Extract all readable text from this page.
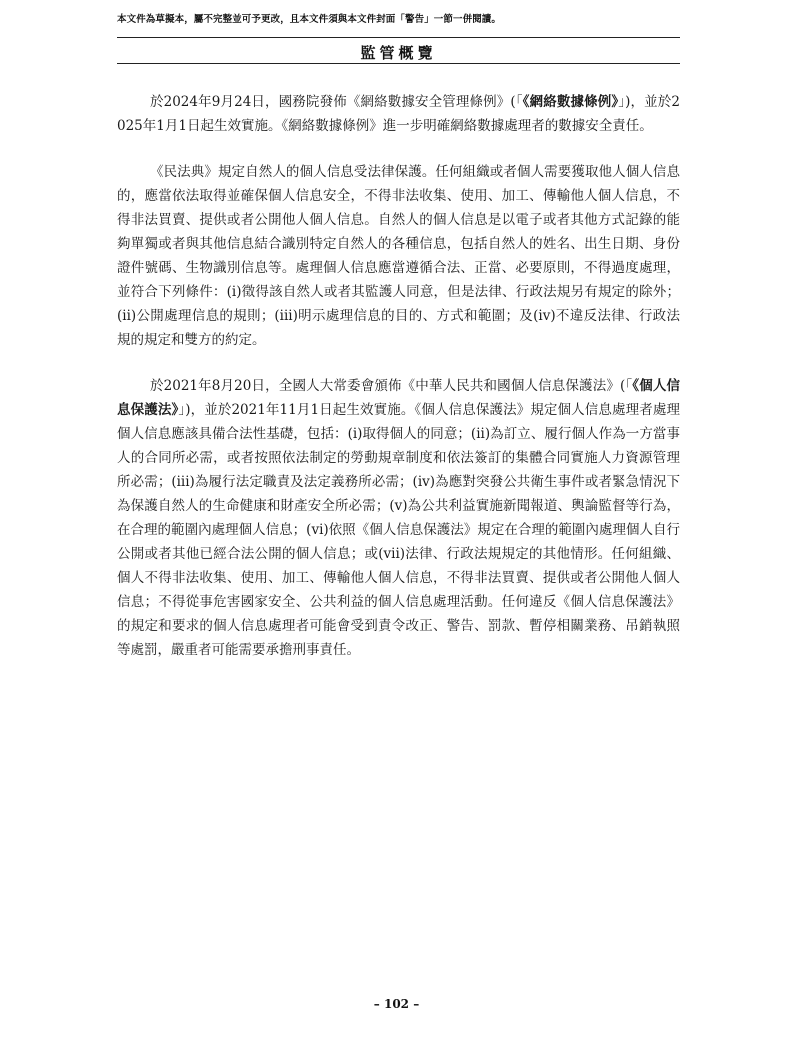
本文件為草擬本，屬不完整並可予更改，且本文件須與本文件封面「警告」一節一併閱讀。
監管概覽

於2024年9月24日，國務院發佈《網絡數據安全管理條例》(「《網絡數據條例》」)，並於2025年1月1日起生效實施。《網絡數據條例》進一步明確網絡數據處理者的數據安全責任。

《民法典》規定自然人的個人信息受法律保護。任何組織或者個人需要獲取他人個人信息的，應當依法取得並確保個人信息安全，不得非法收集、使用、加工、傳輸他人個人信息，不得非法買賣、提供或者公開他人個人信息。自然人的個人信息是以電子或者其他方式記錄的能夠單獨或者與其他信息結合識別特定自然人的各種信息，包括自然人的姓名、出生日期、身份證件號碼、生物識別信息等。處理個人信息應當遵循合法、正當、必要原則，不得過度處理，並符合下列條件：(i)徵得該自然人或者其監護人同意，但是法律、行政法規另有規定的除外；(ii)公開處理信息的規則；(iii)明示處理信息的目的、方式和範圍；及(iv)不違反法律、行政法規的規定和雙方的約定。

於2021年8月20日，全國人大常委會頒佈《中華人民共和國個人信息保護法》(「《個人信息保護法》」)，並於2021年11月1日起生效實施。《個人信息保護法》規定個人信息處理者處理個人信息應該具備合法性基礎，包括：(i)取得個人的同意；(ii)為訂立、履行個人作為一方當事人的合同所必需，或者按照依法制定的勞動規章制度和依法簽訂的集體合同實施人力資源管理所必需；(iii)為履行法定職責及法定義務所必需；(iv)為應對突發公共衛生事件或者緊急情況下為保護自然人的生命健康和財產安全所必需；(v)為公共利益實施新聞報道、輿論監督等行為，在合理的範圍內處理個人信息；(vi)依照《個人信息保護法》規定在合理的範圍內處理個人自行公開或者其他已經合法公開的個人信息；或(vii)法律、行政法規規定的其他情形。任何組織、個人不得非法收集、使用、加工、傳輸他人個人信息，不得非法買賣、提供或者公開他人個人信息；不得從事危害國家安全、公共利益的個人信息處理活動。任何違反《個人信息保護法》的規定和要求的個人信息處理者可能會受到責令改正、警告、罰款、暫停相關業務、吊銷執照等處罰，嚴重者可能需要承擔刑事責任。

– 102 –
